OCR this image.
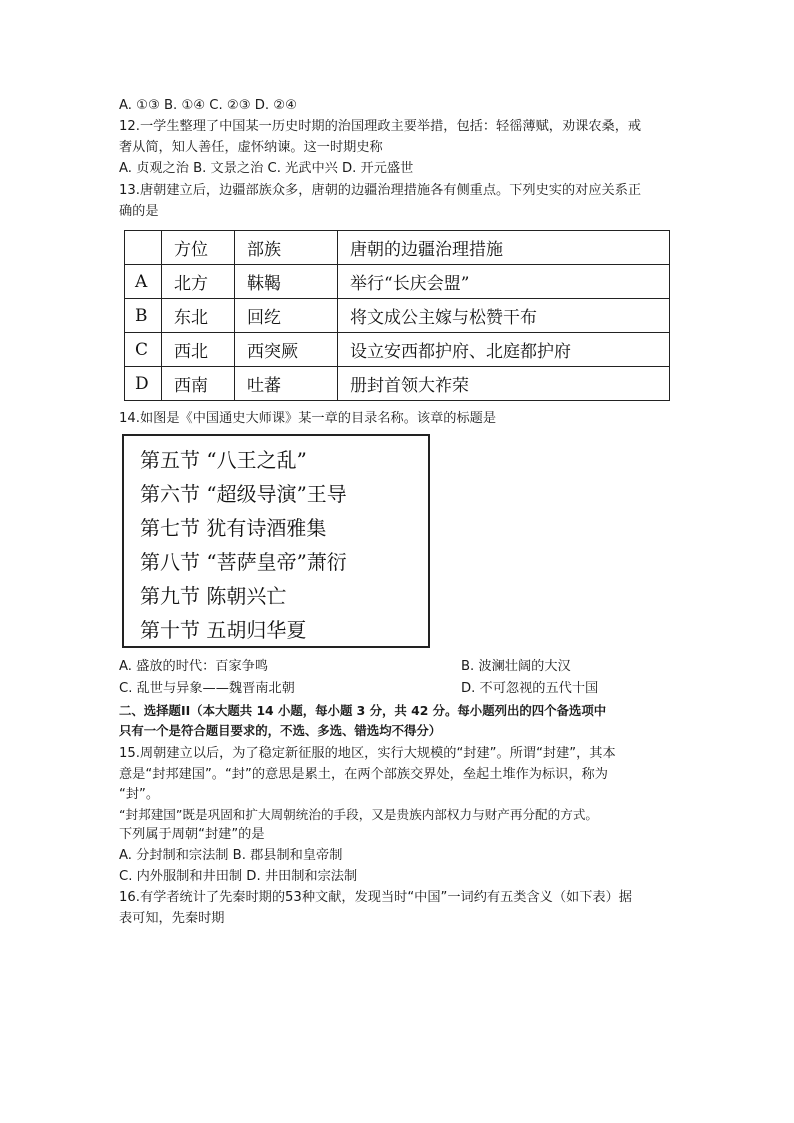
A. ①③ B. ①④ C. ②③ D. ②④
12.一学生整理了中国某一历史时期的治国理政主要举措，包括：轻徭薄赋，劝课农桑，戒
奢从简，知人善任，虚怀纳谏。这一时期史称
A. 贞观之治 B. 文景之治 C. 光武中兴 D. 开元盛世
13.唐朝建立后，边疆部族众多，唐朝的边疆治理措施各有侧重点。下列史实的对应关系正
确的是
	方位	部族	唐朝的边疆治理措施
A	北方	靺鞨	举行“长庆会盟”
B	东北	回纥	将文成公主嫁与松赞干布
C	西北	西突厥	设立安西都护府、北庭都护府
D	西南	吐蕃	册封首领大祚荣
14.如图是《中国通史大师课》某一章的目录名称。该章的标题是
第五节 “八王之乱”
第六节 “超级导演”王导
第七节 犹有诗酒雅集
第八节 “菩萨皇帝”萧衍
第九节 陈朝兴亡
第十节 五胡归华夏
A. 盛放的时代：百家争鸣	B. 波澜壮阔的大汉
C. 乱世与异象——魏晋南北朝	D. 不可忽视的五代十国
二、选择题II（本大题共 14 小题，每小题 3 分，共 42 分。每小题列出的四个备选项中
只有一个是符合题目要求的，不选、多选、错选均不得分）
15.周朝建立以后，为了稳定新征服的地区，实行大规模的“封建”。所谓“封建”，其本
意是“封邦建国”。“封”的意思是累土，在两个部族交界处，垒起土堆作为标识，称为
“封”。
“封邦建国”既是巩固和扩大周朝统治的手段，又是贵族内部权力与财产再分配的方式。
下列属于周朝“封建”的是
A. 分封制和宗法制 B. 郡县制和皇帝制
C. 内外服制和井田制 D. 井田制和宗法制
16.有学者统计了先秦时期的53种文献，发现当时“中国”一词约有五类含义（如下表）据
表可知，先秦时期
